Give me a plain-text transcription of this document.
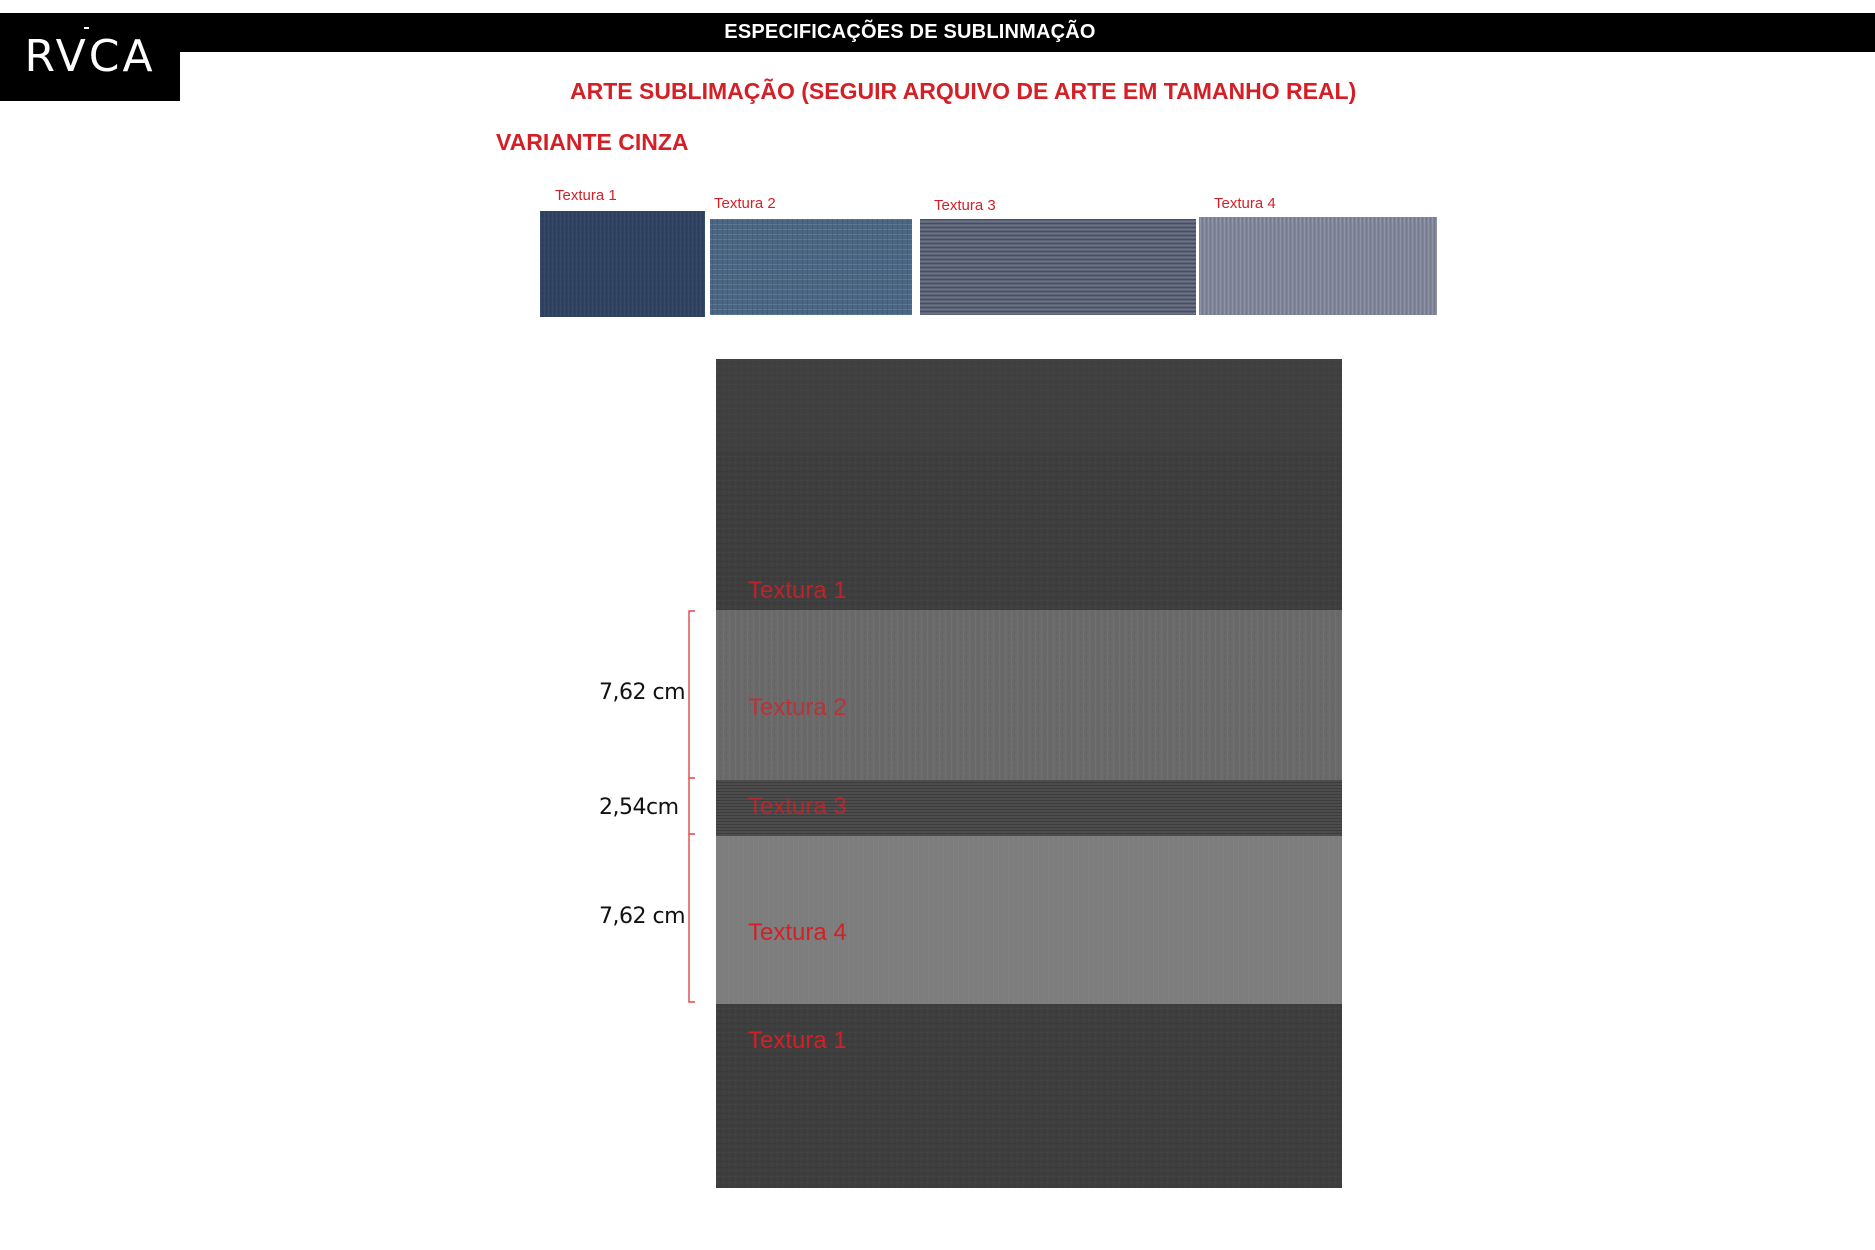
ESPECIFICAÇÕES DE SUBLINMAÇÃO
RVCA
ARTE SUBLIMAÇÃO (SEGUIR ARQUIVO DE ARTE EM TAMANHO REAL)
VARIANTE CINZA
Textura 1	Textura 2	Textura 3	Textura 4
Textura 1
Textura 2
Textura 3
Textura 4
Textura 1
7,62 cm
2,54cm
7,62 cm
